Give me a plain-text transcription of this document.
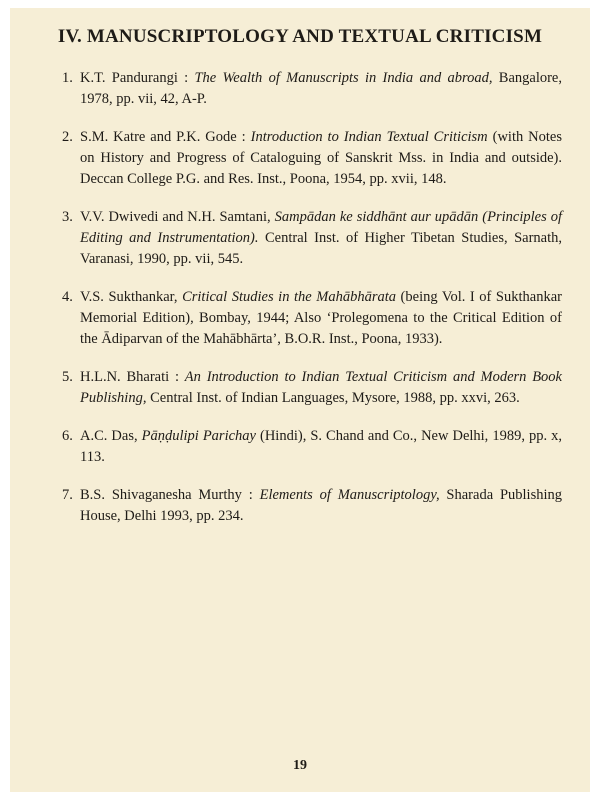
IV. MANUSCRIPTOLOGY AND TEXTUAL CRITICISM
1. K.T. Pandurangi : The Wealth of Manuscripts in India and abroad, Bangalore, 1978, pp. vii, 42, A-P.
2. S.M. Katre and P.K. Gode : Introduction to Indian Textual Criticism (with Notes on History and Progress of Cataloguing of Sanskrit Mss. in India and outside). Deccan College P.G. and Res. Inst., Poona, 1954, pp. xvii, 148.
3. V.V. Dwivedi and N.H. Samtani, Sampādan ke siddhānt aur upādān (Principles of Editing and Instrumentation). Central Inst. of Higher Tibetan Studies, Sarnath, Varanasi, 1990, pp. vii, 545.
4. V.S. Sukthankar, Critical Studies in the Mahābhārata (being Vol. I of Sukthankar Memorial Edition), Bombay, 1944; Also ‘Prolegomena to the Critical Edition of the Ādiparvan of the Mahābhārta’, B.O.R. Inst., Poona, 1933).
5. H.L.N. Bharati : An Introduction to Indian Textual Criticism and Modern Book Publishing, Central Inst. of Indian Languages, Mysore, 1988, pp. xxvi, 263.
6. A.C. Das, Pāṇḍulipi Parichay (Hindi), S. Chand and Co., New Delhi, 1989, pp. x, 113.
7. B.S. Shivaganesha Murthy : Elements of Manuscriptology, Sharada Publishing House, Delhi 1993, pp. 234.
19
